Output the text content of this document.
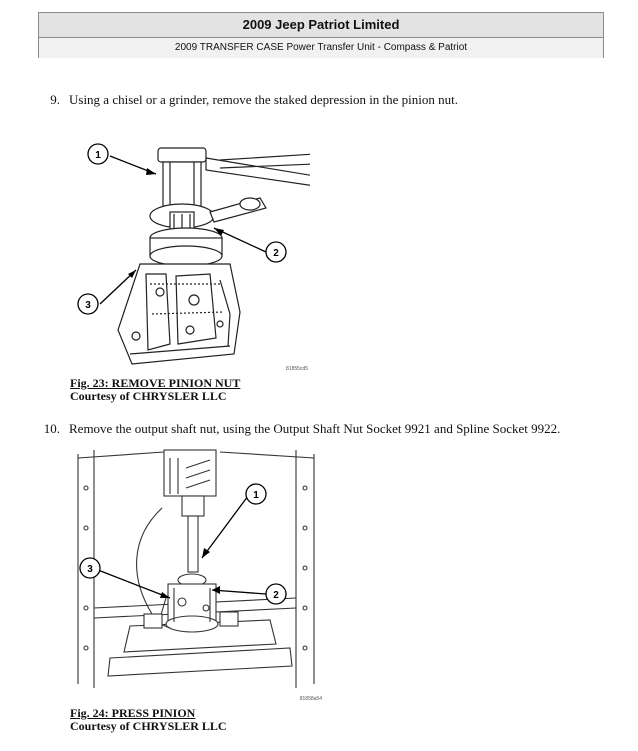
2009 Jeep Patriot Limited
2009 TRANSFER CASE Power Transfer Unit - Compass & Patriot
9. Using a chisel or a grinder, remove the staked depression in the pinion nut.
1
2
3
81855cd5
Fig. 23: REMOVE PINION NUT
Courtesy of CHRYSLER LLC
10. Remove the output shaft nut, using the Output Shaft Nut Socket 9921 and Spline Socket 9922.
1
2
3
81858a54
Fig. 24: PRESS PINION
Courtesy of CHRYSLER LLC
